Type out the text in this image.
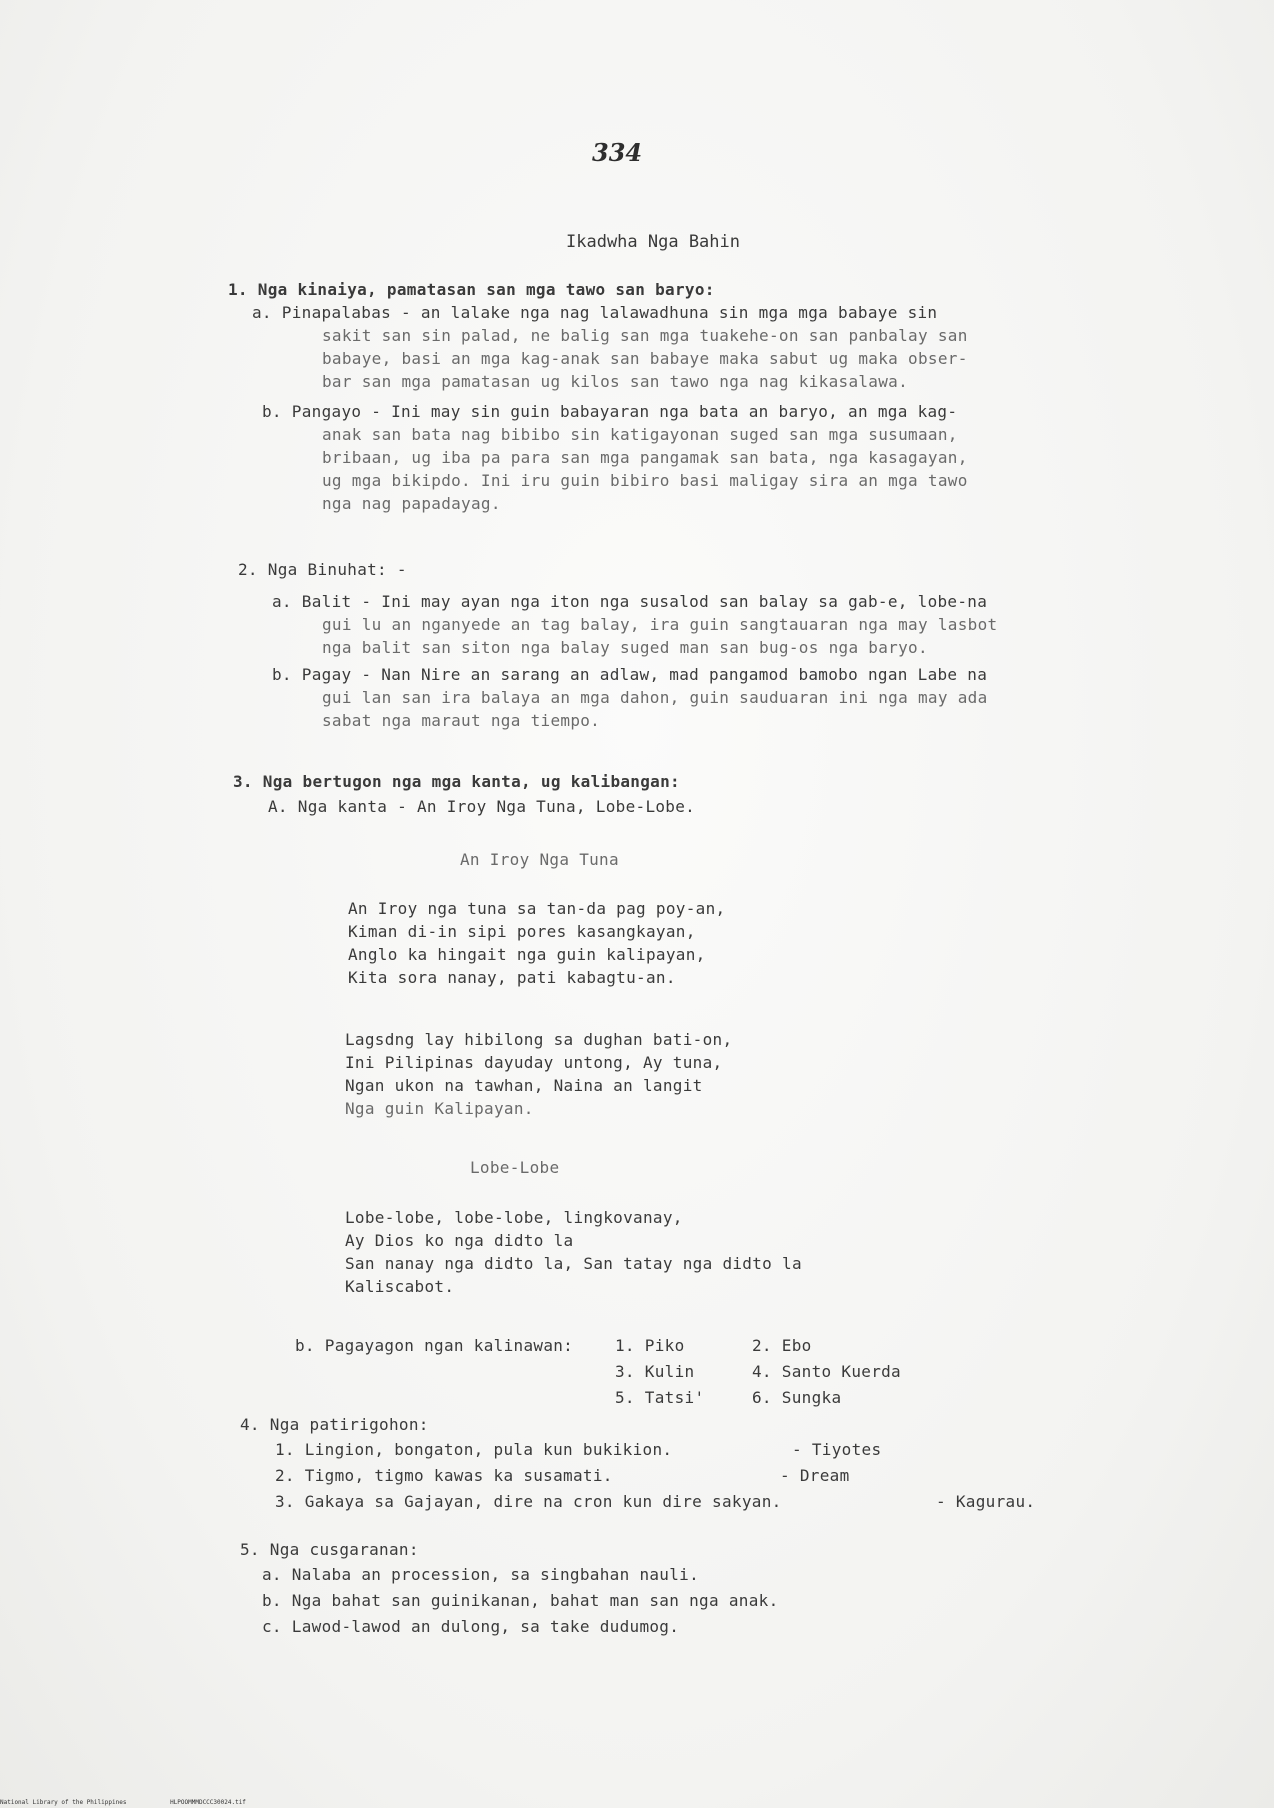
334
Ikadwha Nga Bahin
1. Nga kinaiya, pamatasan san mga tawo san baryo:
a. Pinapalabas - an lalake nga nag lalawadhuna sin mga mga babaye sin
sakit san sin palad, ne balig san mga tuakehe-on san panbalay san
babaye, basi an mga kag-anak san babaye maka sabut ug maka obser-
bar san mga pamatasan ug kilos san tawo nga nag kikasalawa.
b. Pangayo - Ini may sin guin babayaran nga bata an baryo, an mga kag-
anak san bata nag bibibo sin katigayonan suged san mga susumaan,
bribaan, ug iba pa para san mga pangamak san bata, nga kasagayan,
ug mga bikipdo. Ini iru guin bibiro basi maligay sira an mga tawo
nga nag papadayag.
2. Nga Binuhat: -
a. Balit - Ini may ayan nga iton nga susalod san balay sa gab-e, lobe-na
gui lu an nganyede an tag balay, ira guin sangtauaran nga may lasbot
nga balit san siton nga balay suged man san bug-os nga baryo.
b. Pagay - Nan Nire an sarang an adlaw, mad pangamod bamobo ngan Labe na
gui lan san ira balaya an mga dahon, guin sauduaran ini nga may ada
sabat nga maraut nga tiempo.
3. Nga bertugon nga mga kanta, ug kalibangan:
A. Nga kanta - An Iroy Nga Tuna, Lobe-Lobe.
An Iroy Nga Tuna
An Iroy nga tuna sa tan-da pag poy-an,
Kiman di-in sipi pores kasangkayan,
Anglo ka hingait nga guin kalipayan,
Kita sora nanay, pati kabagtu-an.
Lagsdng lay hibilong sa dughan bati-on,
Ini Pilipinas dayuday untong, Ay tuna,
Ngan ukon na tawhan, Naina an langit
Nga guin Kalipayan.
Lobe-Lobe
Lobe-lobe, lobe-lobe, lingkovanay,
Ay Dios ko nga didto la
San nanay nga didto la, San tatay nga didto la
Kaliscabot.
b. Pagayagon ngan kalinawan:	1. Piko	2. Ebo
3. Kulin	4. Santo Kuerda
5. Tatsi'	6. Sungka
4. Nga patirigohon:
1. Lingion, bongaton, pula kun bukikion.	- Tiyotes
2. Tigmo, tigmo kawas ka susamati.	- Dream
3. Gakaya sa Gajayan, dire na cron kun dire sakyan.	- Kagurau.
5. Nga cusgaranan:
a. Nalaba an procession, sa singbahan nauli.
b. Nga bahat san guinikanan, bahat man san nga anak.
c. Lawod-lawod an dulong, sa take dudumog.
National Library of the Philippines	HLPOOMMMDCCC30024.tif
